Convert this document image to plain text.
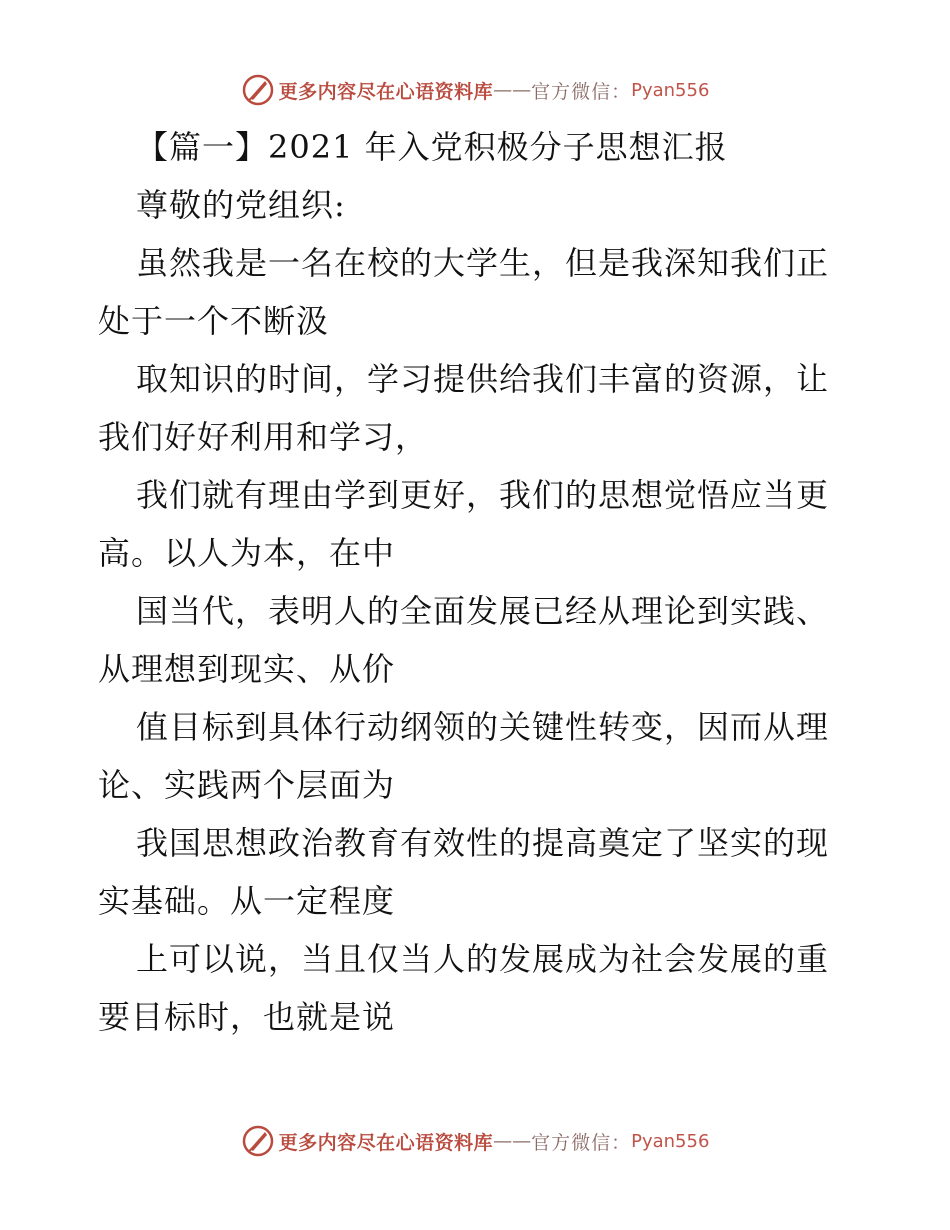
更多内容尽在心语资料库 —— 官方微信： Pyan556
【篇一】2021 年入党积极分子思想汇报
尊敬的党组织:
虽然我是一名在校的大学生，但是我深知我们正
处于一个不断汲
取知识的时间，学习提供给我们丰富的资源，让
我们好好利用和学习，
我们就有理由学到更好，我们的思想觉悟应当更
高。以人为本，在中
国当代，表明人的全面发展已经从理论到实践、
从理想到现实、从价
值目标到具体行动纲领的关键性转变，因而从理
论、实践两个层面为
我国思想政治教育有效性的提高奠定了坚实的现
实基础。从一定程度
上可以说，当且仅当人的发展成为社会发展的重
要目标时，也就是说
更多内容尽在心语资料库 —— 官方微信： Pyan556
